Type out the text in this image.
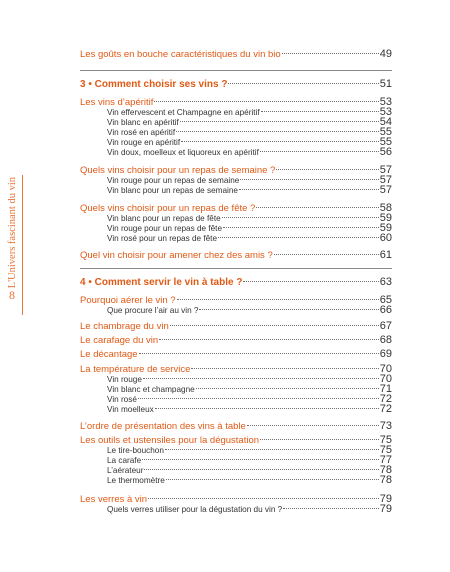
L'Univers fascinant du vin
8
Les goûts en bouche caractéristiques du vin bio	49
3 • Comment choisir ses vins ?	51
Les vins d’apéritif	53
Vin effervescent et Champagne en apéritif	53
Vin blanc en apéritif	54
Vin rosé en apéritif	55
Vin rouge en apéritif	55
Vin doux, moelleux et liquoreux en apéritif	56
Quels vins choisir pour un repas de semaine ?	57
Vin rouge pour un repas de semaine	57
Vin blanc pour un repas de semaine	57
Quels vins choisir pour un repas de fête ?	58
Vin blanc pour un repas de fête	59
Vin rouge pour un repas de fête	59
Vin rosé pour un repas de fête	60
Quel vin choisir pour amener chez des amis ?	61
4 • Comment servir le vin à table ?	63
Pourquoi aérer le vin ?	65
Que procure l’air au vin ?	66
Le chambrage du vin	67
Le carafage du vin	68
Le décantage	69
La température de service	70
Vin rouge	70
Vin blanc et champagne	71
Vin rosé	72
Vin moelleux	72
L’ordre de présentation des vins à table	73
Les outils et ustensiles pour la dégustation	75
Le tire-bouchon	75
La carafe	77
L’aérateur	78
Le thermomètre	78
Les verres à vin	79
Quels verres utiliser pour la dégustation du vin ?	79
